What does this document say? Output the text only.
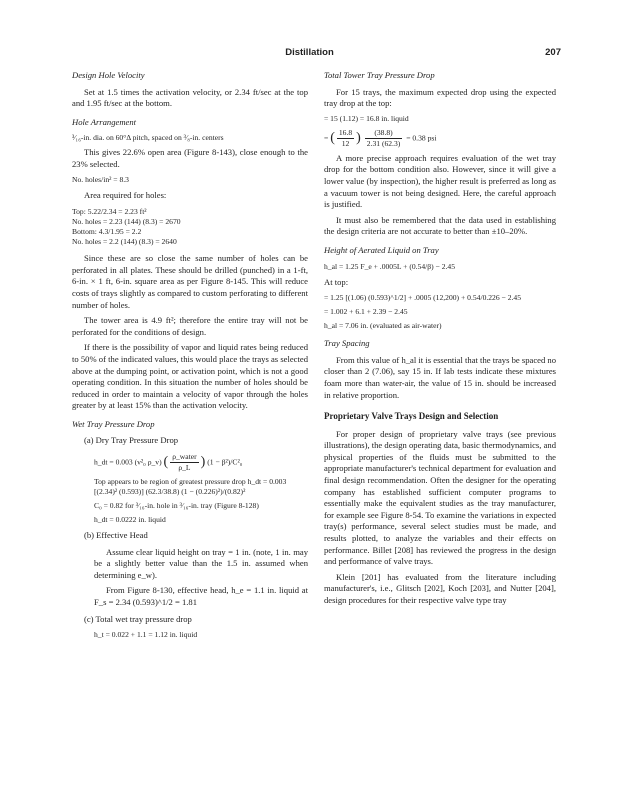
Distillation	207

Design Hole Velocity

Set at 1.5 times the activation velocity, or 2.34 ft/sec at the top and 1.95 ft/sec at the bottom.

Hole Arrangement

³⁄₁₆-in. dia. on 60°Δ pitch, spaced on ³⁄₈-in. centers

This gives 22.6% open area (Figure 8-143), close enough to the 23% selected.

No. holes/in² = 8.3

Area required for holes:

Top: 5.22/2.34 = 2.23 ft²

No. holes = 2.23 (144) (8.3) = 2670

Bottom: 4.3/1.95 = 2.2

No. holes = 2.2 (144) (8.3) = 2640

Since these are so close the same number of holes can be perforated in all plates. These should be drilled (punched) in a 1-ft, 6-in. × 1 ft, 6-in. square area as per Figure 8-145. This will reduce costs of trays slightly as compared to custom perforating to different number of holes.

The tower area is 4.9 ft²; therefore the entire tray will not be perforated for the conditions of design.

If there is the possibility of vapor and liquid rates being reduced to 50% of the indicated values, this would place the trays as selected above at the dumping point, or activation point, which is not a good operating condition. In this situation the number of holes should be reduced in order to maintain a velocity of vapor through the holes greater by at least 15% than the activation velocity.

Wet Tray Pressure Drop

(a) Dry Tray Pressure Drop

h_dt = 0.003 (v²₀ ρ_v) ( $\frac{\text{ρ\_water}}{\rho\_L}$ ) (1 − β²)/C²₀

Top appears to be region of greatest pressure drop h_dt = 0.003 [(2.34)² (0.593)] (62.3/38.8) (1 − (0.226)²)/(0.82)²

C₀ = 0.82 for ³⁄₁₆-in. hole in ³⁄₁₆-in. tray (Figure 8-128)

h_dt = 0.0222 in. liquid

(b) Effective Head

Assume clear liquid height on tray = 1 in. (note, 1 in. may be a slightly better value than the 1.5 in. assumed when determining e_w).

From Figure 8-130, effective head, h_e = 1.1 in. liquid at F_s = 2.34 (0.593)^1/2 = 1.81

(c) Total wet tray pressure drop

h_t = 0.022 + 1.1 = 1.12 in. liquid

Total Tower Tray Pressure Drop

For 15 trays, the maximum expected drop using the expected tray drop at the top:

= 15 (1.12) = 16.8 in. liquid

= ( $\frac{16.8}{12}$ ) $\frac{(38.8)}{2.31 (62.3)} = 0.38$ psi

A more precise approach requires evaluation of the wet tray drop for the bottom condition also. However, since it will give a lower value (by inspection), the higher result is preferred as long as a vacuum tower is not being designed. Here, the careful approach is justified.

It must also be remembered that the data used in establishing the design criteria are not accurate to better than ±10–20%.

Height of Aerated Liquid on Tray

h_al = 1.25 F_e + .0005L + (0.54/β) − 2.45

At top:

= 1.25 [(1.06) (0.593)^1/2] + .0005 (12,200) + 0.54/0.226 − 2.45

= 1.002 + 6.1 + 2.39 − 2.45

h_al = 7.06 in. (evaluated as air-water)

Tray Spacing

From this value of h_al it is essential that the trays be spaced no closer than 2 (7.06), say 15 in. If lab tests indicate these mixtures foam more than water-air, the value of 15 in. should be increased in relative proportion.

Proprietary Valve Trays Design and Selection

For proper design of proprietary valve trays (see previous illustrations), the design operating data, basic thermodynamics, and physical properties of the fluids must be submitted to the appropriate manufacturer's technical department for evaluation and final design recommendation. Often the designer for the operating company has established sufficient computer programs to essentially make the equivalent studies as the tray manufacturer, for example see Figure 8-54. To examine the variations in expected tray(s) performance, several select studies must be made, and results plotted, to analyze the variables and their effects on performance. Billet [208] has reviewed the progress in the design and performance of valve trays.

Klein [201] has evaluated from the literature including manufacturer's, i.e., Glitsch [202], Koch [203], and Nutter [204], design procedures for their respective valve type tray
